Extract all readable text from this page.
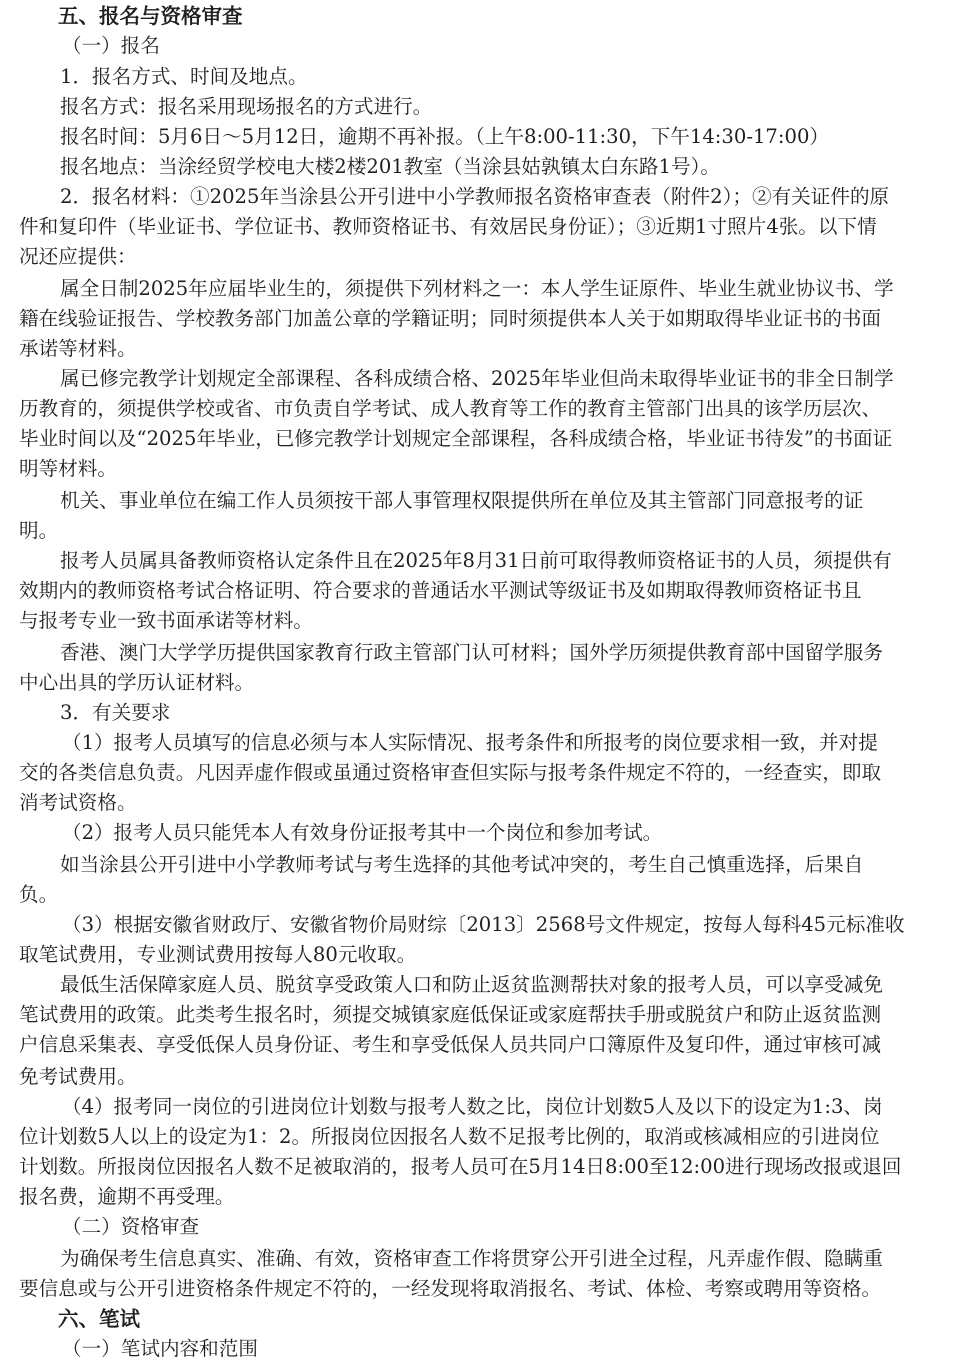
五、报名与资格审查
（一）报名
1．报名方式、时间及地点。
报名方式：报名采用现场报名的方式进行。
报名时间：5月6日～5月12日，逾期不再补报。（上午8:00-11:30，下午14:30-17:00）
报名地点：当涂经贸学校电大楼2楼201教室（当涂县姑孰镇太白东路1号）。
2．报名材料：①2025年当涂县公开引进中小学教师报名资格审查表（附件2）；②有关证件的原
件和复印件（毕业证书、学位证书、教师资格证书、有效居民身份证）；③近期1寸照片4张。以下情
况还应提供：
属全日制2025年应届毕业生的，须提供下列材料之一：本人学生证原件、毕业生就业协议书、学
籍在线验证报告、学校教务部门加盖公章的学籍证明；同时须提供本人关于如期取得毕业证书的书面
承诺等材料。
属已修完教学计划规定全部课程、各科成绩合格、2025年毕业但尚未取得毕业证书的非全日制学
历教育的，须提供学校或省、市负责自学考试、成人教育等工作的教育主管部门出具的该学历层次、
毕业时间以及“2025年毕业，已修完教学计划规定全部课程，各科成绩合格，毕业证书待发”的书面证
明等材料。
机关、事业单位在编工作人员须按干部人事管理权限提供所在单位及其主管部门同意报考的证
明。
报考人员属具备教师资格认定条件且在2025年8月31日前可取得教师资格证书的人员，须提供有
效期内的教师资格考试合格证明、符合要求的普通话水平测试等级证书及如期取得教师资格证书且
与报考专业一致书面承诺等材料。
香港、澳门大学学历提供国家教育行政主管部门认可材料；国外学历须提供教育部中国留学服务
中心出具的学历认证材料。
3．有关要求
（1）报考人员填写的信息必须与本人实际情况、报考条件和所报考的岗位要求相一致，并对提
交的各类信息负责。凡因弄虚作假或虽通过资格审查但实际与报考条件规定不符的，一经查实，即取
消考试资格。
（2）报考人员只能凭本人有效身份证报考其中一个岗位和参加考试。
如当涂县公开引进中小学教师考试与考生选择的其他考试冲突的，考生自己慎重选择，后果自
负。
（3）根据安徽省财政厅、安徽省物价局财综〔2013〕2568号文件规定，按每人每科45元标准收
取笔试费用，专业测试费用按每人80元收取。
最低生活保障家庭人员、脱贫享受政策人口和防止返贫监测帮扶对象的报考人员，可以享受减免
笔试费用的政策。此类考生报名时，须提交城镇家庭低保证或家庭帮扶手册或脱贫户和防止返贫监测
户信息采集表、享受低保人员身份证、考生和享受低保人员共同户口簿原件及复印件，通过审核可减
免考试费用。
（4）报考同一岗位的引进岗位计划数与报考人数之比，岗位计划数5人及以下的设定为1:3、岗
位计划数5人以上的设定为1：2。所报岗位因报名人数不足报考比例的，取消或核减相应的引进岗位
计划数。所报岗位因报名人数不足被取消的，报考人员可在5月14日8:00至12:00进行现场改报或退回
报名费，逾期不再受理。
（二）资格审查
为确保考生信息真实、准确、有效，资格审查工作将贯穿公开引进全过程，凡弄虚作假、隐瞒重
要信息或与公开引进资格条件规定不符的，一经发现将取消报名、考试、体检、考察或聘用等资格。
六、笔试
（一）笔试内容和范围
